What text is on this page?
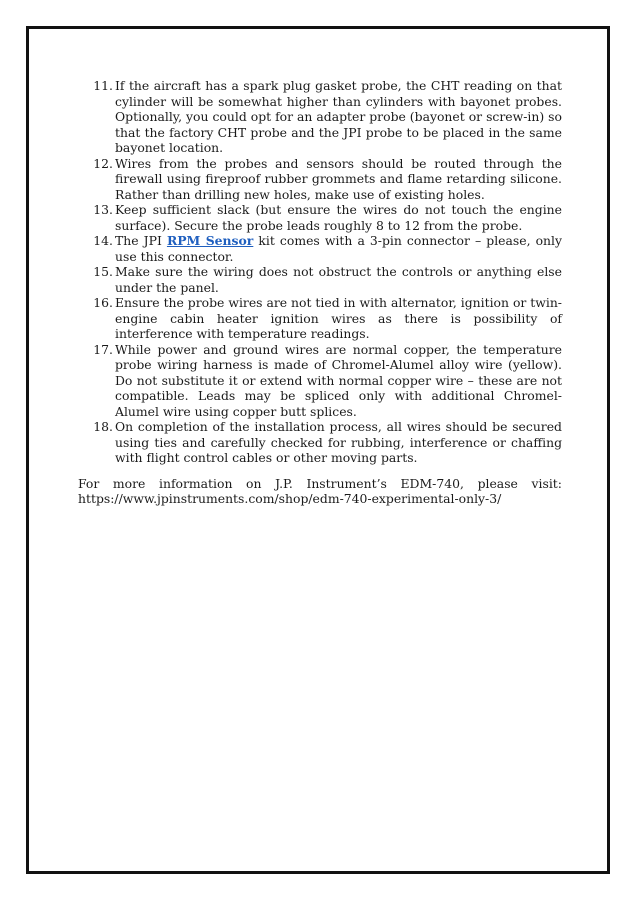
11. If the aircraft has a spark plug gasket probe, the CHT reading on that cylinder will be somewhat higher than cylinders with bayonet probes. Optionally, you could opt for an adapter probe (bayonet or screw-in) so that the factory CHT probe and the JPI probe to be placed in the same bayonet location.
12. Wires from the probes and sensors should be routed through the firewall using fireproof rubber grommets and flame retarding silicone. Rather than drilling new holes, make use of existing holes.
13. Keep sufficient slack (but ensure the wires do not touch the engine surface). Secure the probe leads roughly 8 to 12 from the probe.
14. The JPI RPM Sensor kit comes with a 3-pin connector – please, only use this connector.
15. Make sure the wiring does not obstruct the controls or anything else under the panel.
16. Ensure the probe wires are not tied in with alternator, ignition or twin-engine cabin heater ignition wires as there is possibility of interference with temperature readings.
17. While power and ground wires are normal copper, the temperature probe wiring harness is made of Chromel-Alumel alloy wire (yellow). Do not substitute it or extend with normal copper wire – these are not compatible. Leads may be spliced only with additional Chromel-Alumel wire using copper butt splices.
18. On completion of the installation process, all wires should be secured using ties and carefully checked for rubbing, interference or chaffing with flight control cables or other moving parts.
For more information on J.P. Instrument’s EDM-740, please visit:
https://www.jpinstruments.com/shop/edm-740-experimental-only-3/
